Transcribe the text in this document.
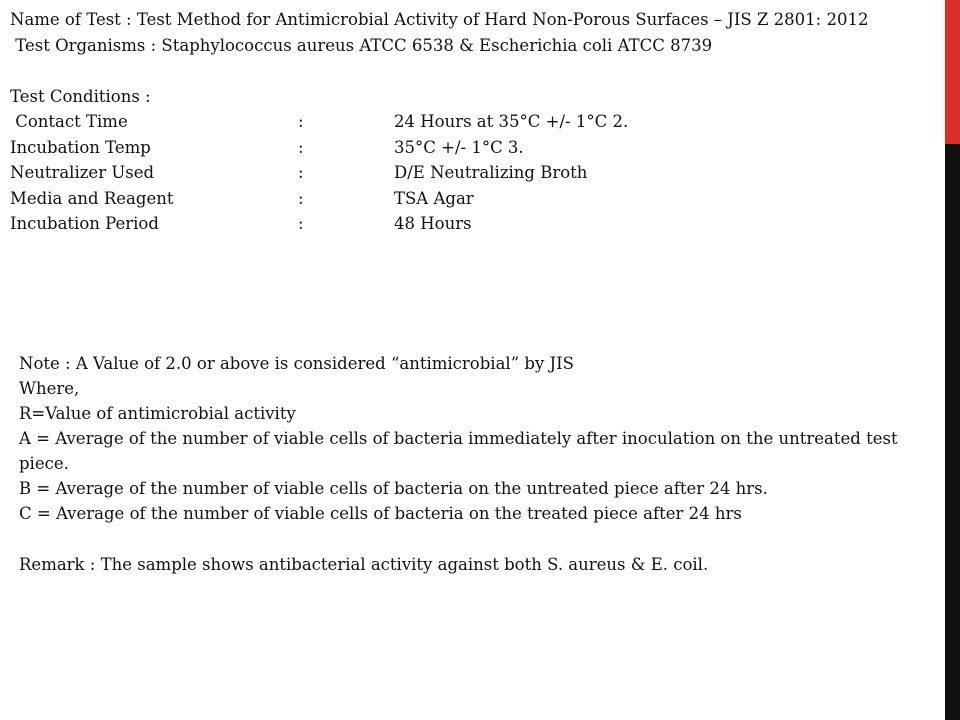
Name of Test : Test Method for Antimicrobial Activity of Hard Non-Porous Surfaces – JIS Z 2801: 2012

Test Organisms : Staphylococcus aureus ATCC 6538 & Escherichia coli ATCC 8739

Test Conditions :

Contact Time	:	24 Hours at 35°C +/- 1°C 2.
Incubation Temp	:	35°C +/- 1°C 3.
Neutralizer Used	:	D/E Neutralizing Broth
Media and Reagent	:	TSA Agar
Incubation Period	:	48 Hours

Note : A Value of 2.0 or above is considered “antimicrobial” by JIS

Where,

R=Value of antimicrobial activity

A = Average of the number of viable cells of bacteria immediately after inoculation on the untreated test piece.

B = Average of the number of viable cells of bacteria on the untreated piece after 24 hrs.

C = Average of the number of viable cells of bacteria on the treated piece after 24 hrs

Remark : The sample shows antibacterial activity against both S. aureus & E. coil.
